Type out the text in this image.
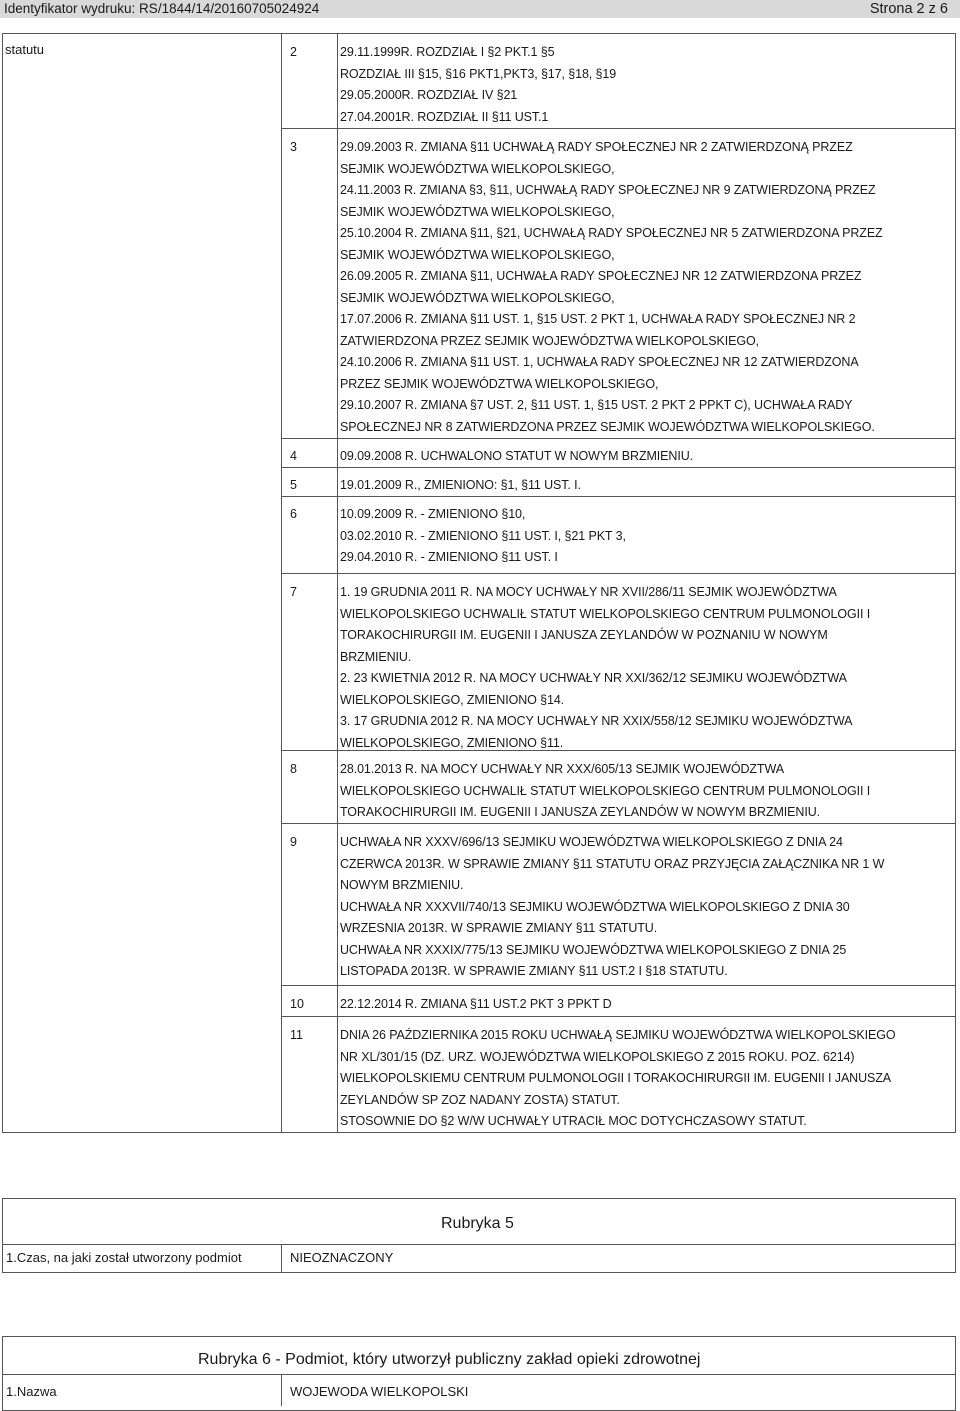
Identyfikator wydruku: RS/1844/14/20160705024924	Strona 2 z 6
statutu	2	29.11.1999R. ROZDZIAŁ I §2 PKT.1 §5
ROZDZIAŁ III §15, §16 PKT1,PKT3, §17, §18, §19
29.05.2000R. ROZDZIAŁ IV §21
27.04.2001R. ROZDZIAŁ II §11 UST.1
3	29.09.2003 R. ZMIANA §11 UCHWAŁĄ RADY SPOŁECZNEJ NR 2 ZATWIERDZONĄ PRZEZ
SEJMIK WOJEWÓDZTWA WIELKOPOLSKIEGO,
24.11.2003 R. ZMIANA §3, §11, UCHWAŁĄ RADY SPOŁECZNEJ NR 9 ZATWIERDZONĄ PRZEZ
SEJMIK WOJEWÓDZTWA WIELKOPOLSKIEGO,
25.10.2004 R. ZMIANA §11, §21, UCHWAŁĄ RADY SPOŁECZNEJ NR 5 ZATWIERDZONA PRZEZ
SEJMIK WOJEWÓDZTWA WIELKOPOLSKIEGO,
26.09.2005 R. ZMIANA §11, UCHWAŁA RADY SPOŁECZNEJ NR 12 ZATWIERDZONA PRZEZ
SEJMIK WOJEWÓDZTWA WIELKOPOLSKIEGO,
17.07.2006 R. ZMIANA §11 UST. 1, §15 UST. 2 PKT 1, UCHWAŁA RADY SPOŁECZNEJ NR 2
ZATWIERDZONA PRZEZ SEJMIK WOJEWÓDZTWA WIELKOPOLSKIEGO,
24.10.2006 R. ZMIANA §11 UST. 1, UCHWAŁA RADY SPOŁECZNEJ NR 12 ZATWIERDZONA
PRZEZ SEJMIK WOJEWÓDZTWA WIELKOPOLSKIEGO,
29.10.2007 R. ZMIANA §7 UST. 2, §11 UST. 1, §15 UST. 2 PKT 2 PPKT C), UCHWAŁA RADY
SPOŁECZNEJ NR 8 ZATWIERDZONA PRZEZ SEJMIK WOJEWÓDZTWA WIELKOPOLSKIEGO.
4	09.09.2008 R. UCHWALONO STATUT W NOWYM BRZMIENIU.
5	19.01.2009 R., ZMIENIONO: §1, §11 UST. I.
6	10.09.2009 R. - ZMIENIONO §10,
03.02.2010 R. - ZMIENIONO §11 UST. I, §21 PKT 3,
29.04.2010 R. - ZMIENIONO §11 UST. I
7	1. 19 GRUDNIA 2011 R. NA MOCY UCHWAŁY NR XVII/286/11 SEJMIK WOJEWÓDZTWA
WIELKOPOLSKIEGO UCHWALIŁ STATUT WIELKOPOLSKIEGO CENTRUM PULMONOLOGII I
TORAKOCHIRURGII IM. EUGENII I JANUSZA ZEYLANDÓW W POZNANIU W NOWYM
BRZMIENIU.
2. 23 KWIETNIA 2012 R. NA MOCY UCHWAŁY NR XXI/362/12 SEJMIKU WOJEWÓDZTWA
WIELKOPOLSKIEGO, ZMIENIONO §14.
3. 17 GRUDNIA 2012 R. NA MOCY UCHWAŁY NR XXIX/558/12 SEJMIKU WOJEWÓDZTWA
WIELKOPOLSKIEGO, ZMIENIONO §11.
8	28.01.2013 R. NA MOCY UCHWAŁY NR XXX/605/13 SEJMIK WOJEWÓDZTWA
WIELKOPOLSKIEGO UCHWALIŁ STATUT WIELKOPOLSKIEGO CENTRUM PULMONOLOGII I
TORAKOCHIRURGII IM. EUGENII I JANUSZA ZEYLANDÓW W NOWYM BRZMIENIU.
9	UCHWAŁA NR XXXV/696/13 SEJMIKU WOJEWÓDZTWA WIELKOPOLSKIEGO Z DNIA 24
CZERWCA 2013R. W SPRAWIE ZMIANY §11 STATUTU ORAZ PRZYJĘCIA ZAŁĄCZNIKA NR 1 W
NOWYM BRZMIENIU.
UCHWAŁA NR XXXVII/740/13 SEJMIKU WOJEWÓDZTWA WIELKOPOLSKIEGO Z DNIA 30
WRZESNIA 2013R. W SPRAWIE ZMIANY §11 STATUTU.
UCHWAŁA NR XXXIX/775/13 SEJMIKU WOJEWÓDZTWA WIELKOPOLSKIEGO Z DNIA 25
LISTOPADA 2013R. W SPRAWIE ZMIANY §11 UST.2 I §18 STATUTU.
10	22.12.2014 R. ZMIANA §11 UST.2 PKT 3 PPKT D
11	DNIA 26 PAŹDZIERNIKA 2015 ROKU UCHWAŁĄ SEJMIKU WOJEWÓDZTWA WIELKOPOLSKIEGO
NR XL/301/15 (DZ. URZ. WOJEWÓDZTWA WIELKOPOLSKIEGO Z 2015 ROKU. POZ. 6214)
WIELKOPOLSKIEMU CENTRUM PULMONOLOGII I TORAKOCHIRURGII IM. EUGENII I JANUSZA
ZEYLANDÓW SP ZOZ NADANY ZOSTA) STATUT.
STOSOWNIE DO §2 W/W UCHWAŁY UTRACIŁ MOC DOTYCHCZASOWY STATUT.
Rubryka 5
1.Czas, na jaki został utworzony podmiot	NIEOZNACZONY
Rubryka 6 - Podmiot, który utworzył publiczny zakład opieki zdrowotnej
1.Nazwa	WOJEWODA WIELKOPOLSKI
